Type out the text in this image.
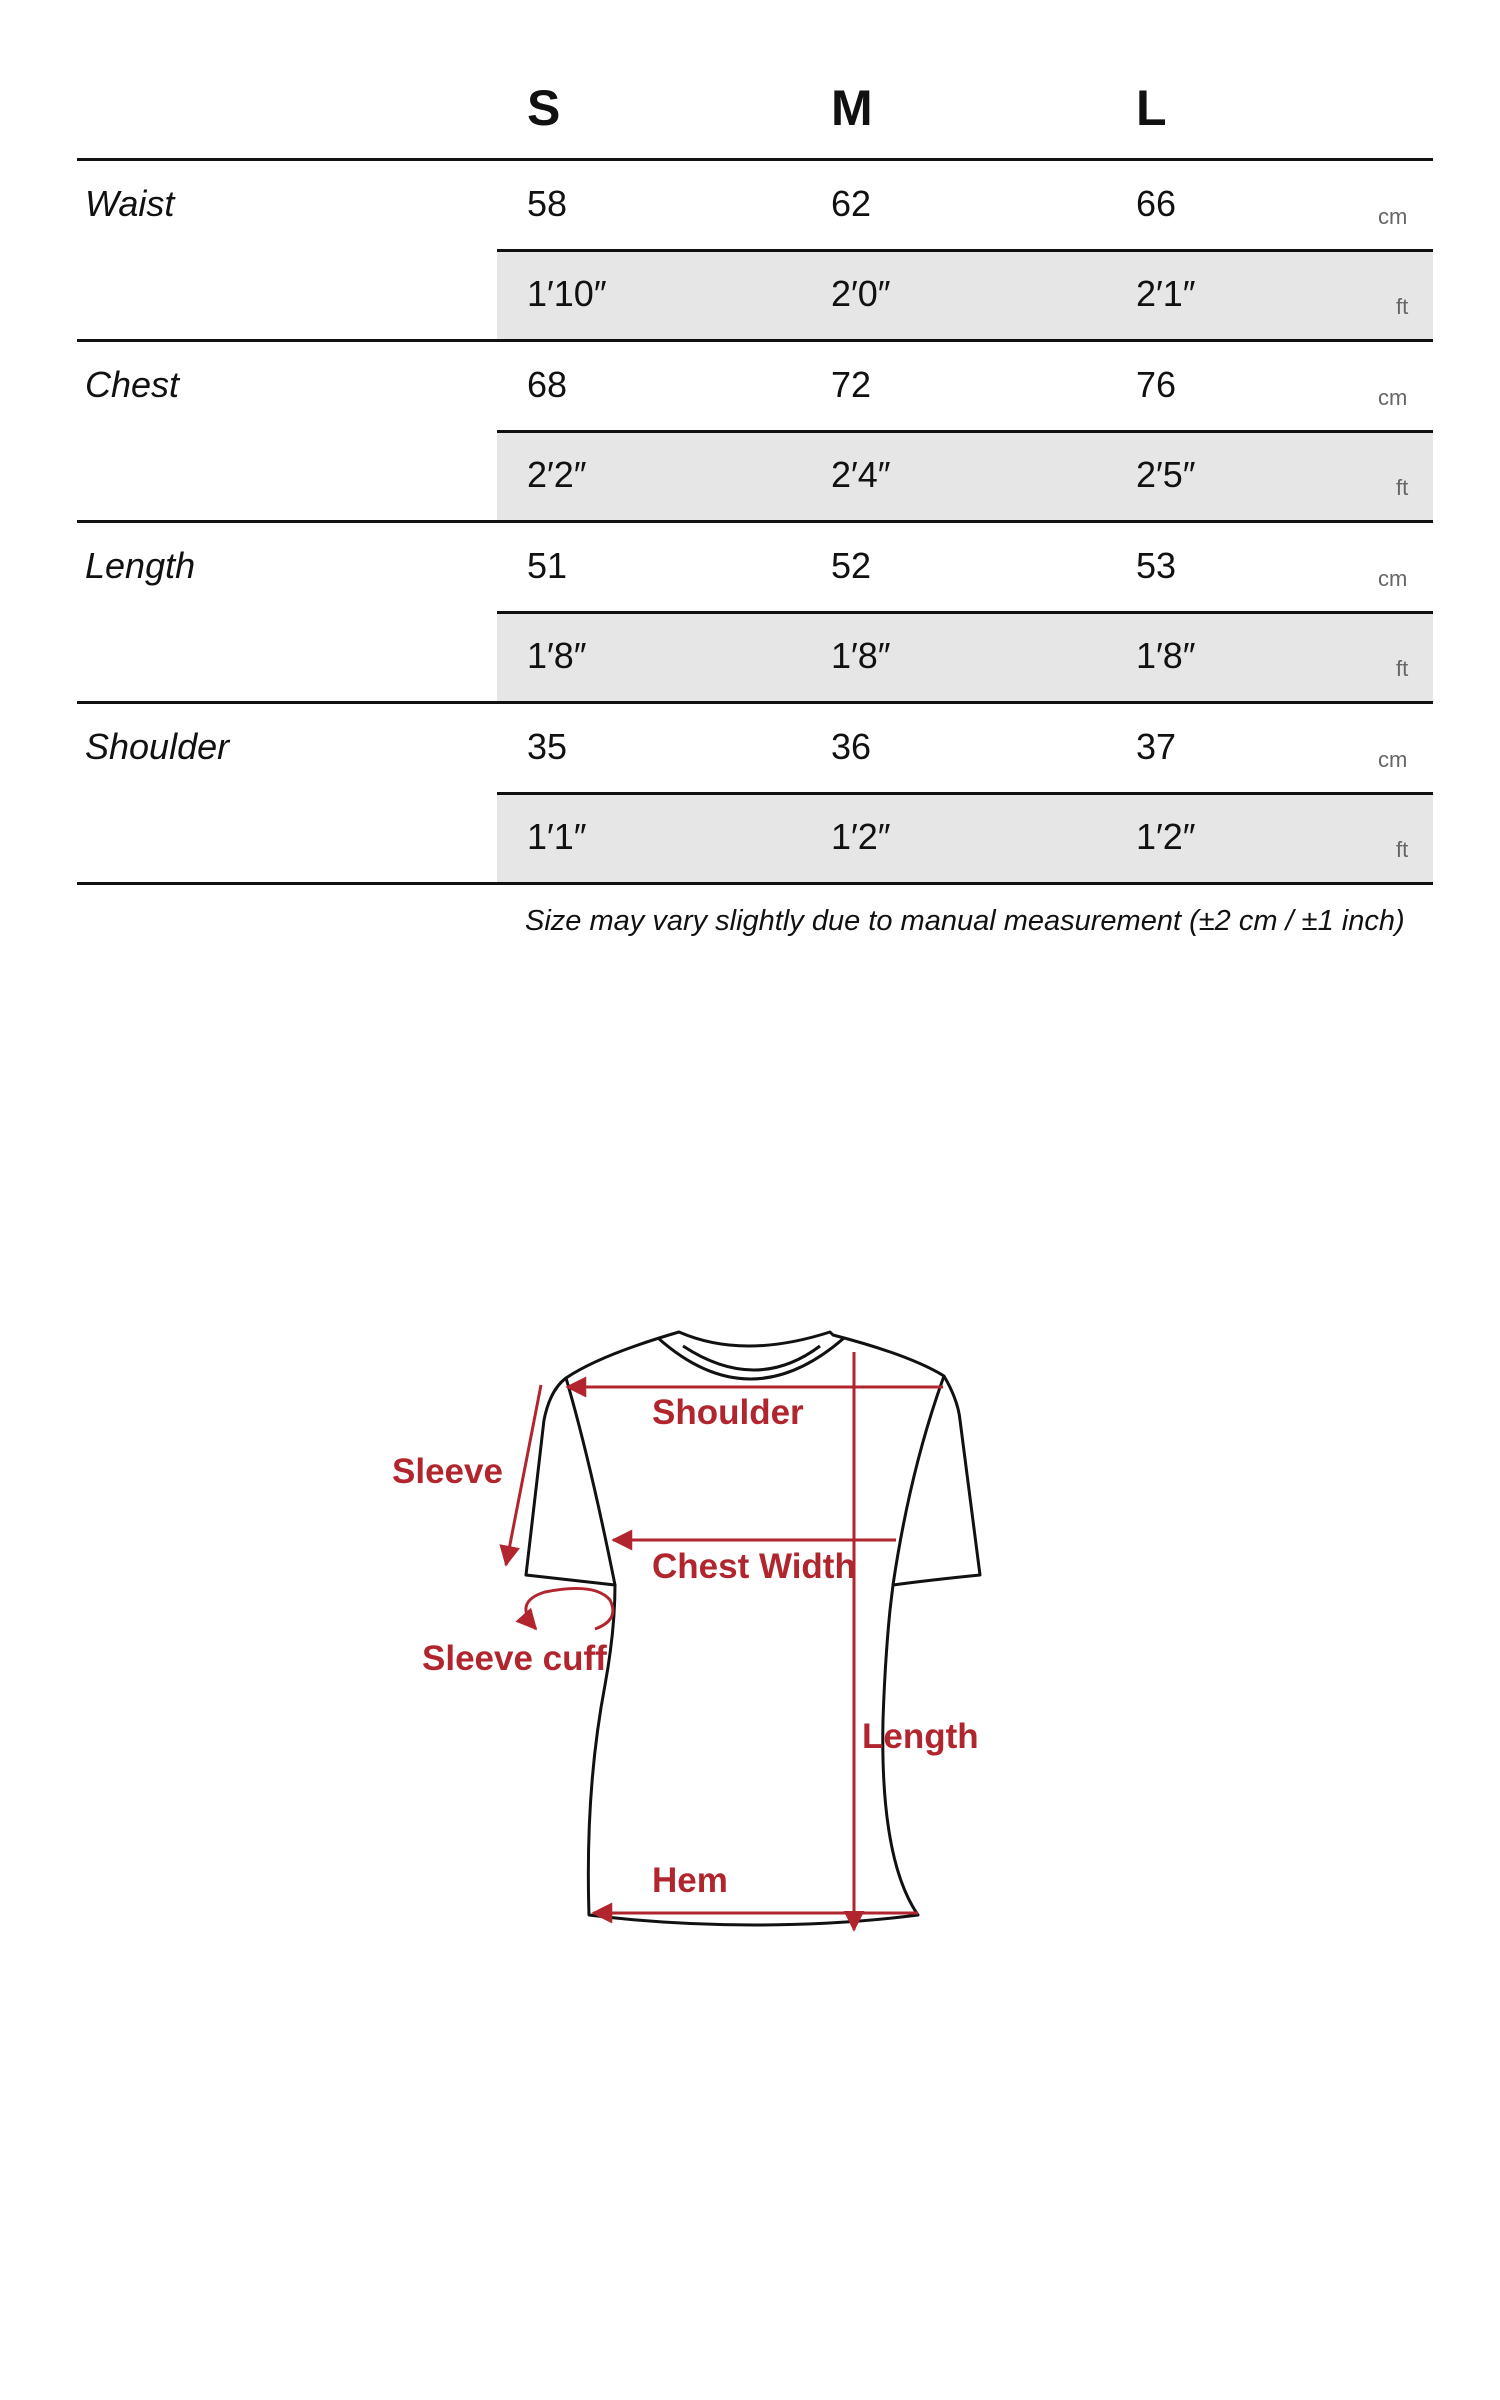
S	M	L
Waist	58	62	66	cm
1′10″	2′0″	2′1″	ft
Chest	68	72	76	cm
2′2″	2′4″	2′5″	ft
Length	51	52	53	cm
1′8″	1′8″	1′8″	ft
Shoulder	35	36	37	cm
1′1″	1′2″	1′2″	ft
Size may vary slightly due to manual measurement (±2 cm / ±1 inch)
Shoulder
Sleeve
Chest Width
Sleeve cuff
Length
Hem
